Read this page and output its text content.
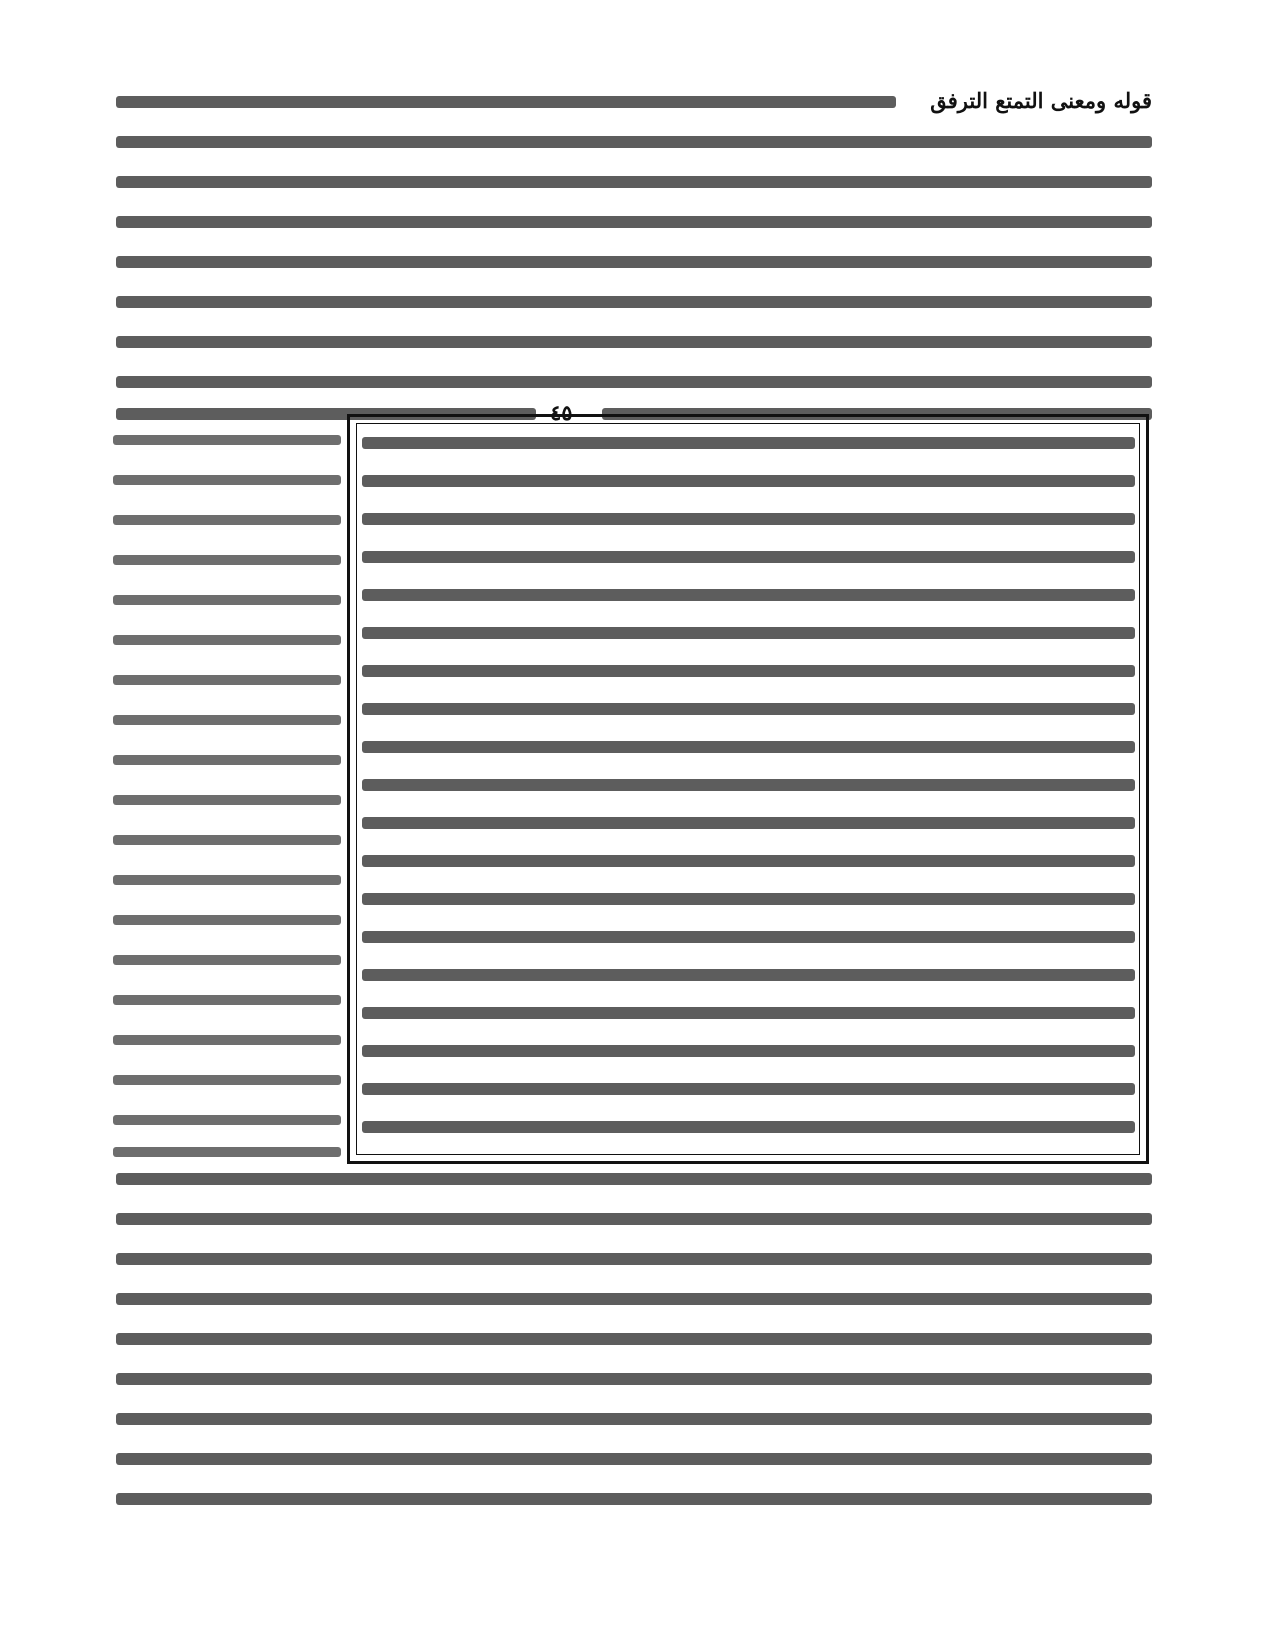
قوله ومعنى التمتع الترفق
٤٥
